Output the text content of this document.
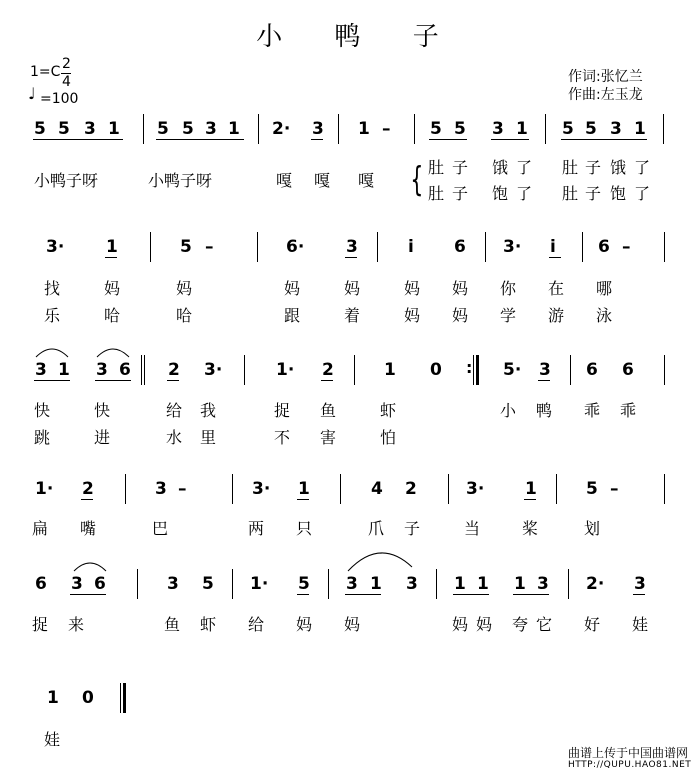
小 鸭 子
1=C 2
4
♩ =100
作词:张忆兰
作曲:左玉龙
5 5 3 1 5 5 3 1 2· 3 1 – 5 5 3 1 5 5 3 1
小鸭子呀	小鸭子呀	嘎 嘎 嘎 { 肚 子 饿 了 肚 子 饿 了
肚 子 饱 了 肚 子 饱 了
3· 1	5 –	6· 3	i 6 3· i 6 –
找	妈	妈	妈	妈	妈 妈 你 在 哪
乐	哈	哈	跟	着	妈 妈 学 游 泳
3 1 3 6 2 3·	1· 2	1 0 : 5· 3 6 6
快	快	给 我	捉 鱼	虾	小 鸭 乖 乖
跳	进	水 里	不 害	怕
1· 2	3 –	3· 1	4 2	3· 1	5 –
扁 嘴	巴	两 只	爪 子	当	桨	划
6 3 6	3 5 1· 5 3 1 3 1 1 1 3 2· 3
捉 来	鱼 虾 给 妈 妈	妈 妈 夸 它 好 娃
1 0
娃
曲谱上传于中国曲谱网
HTTP://QUPU.HAO81.NET
